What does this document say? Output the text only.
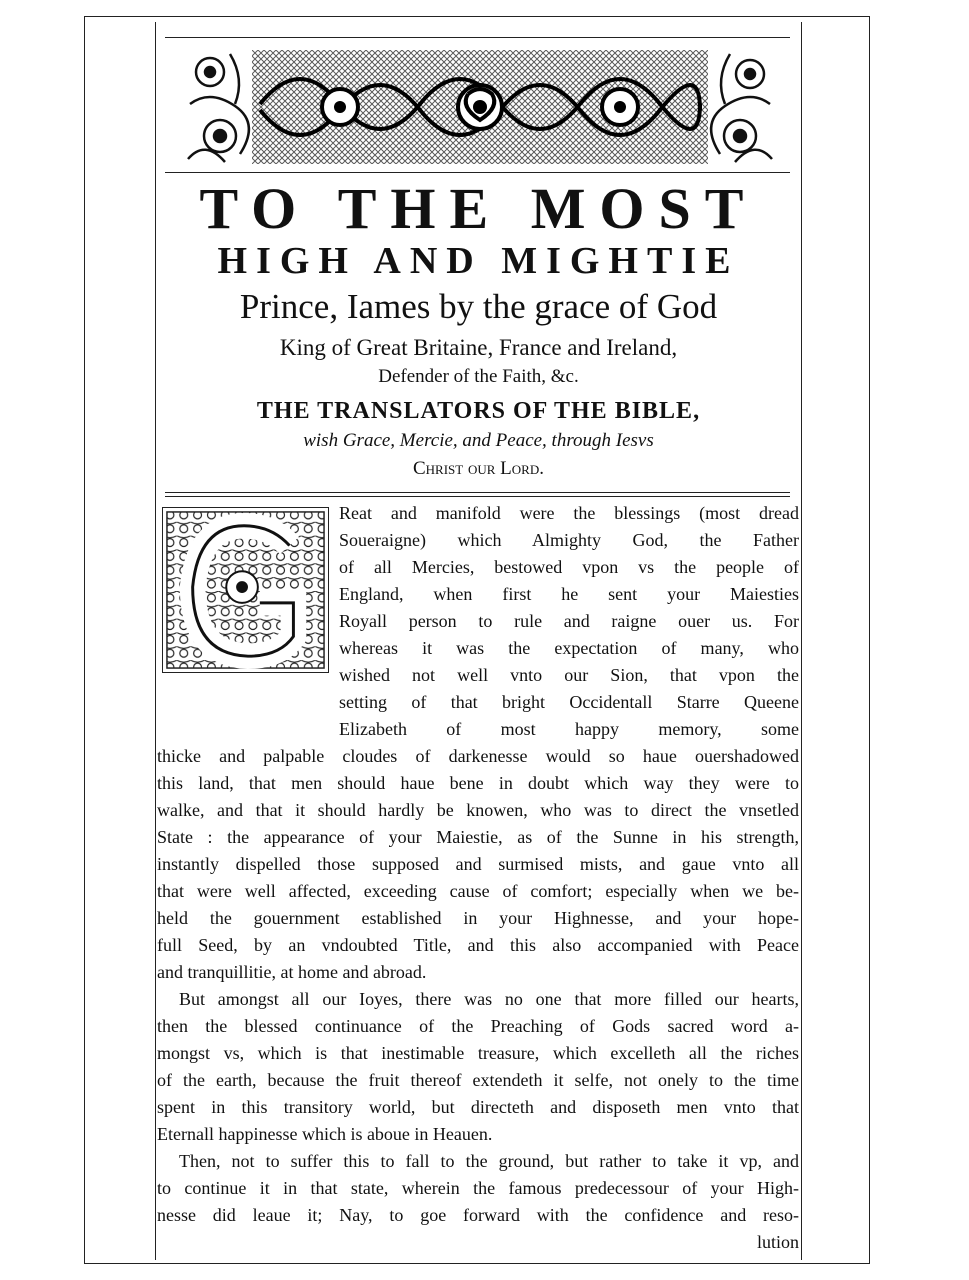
TO THE MOST
HIGH AND MIGHTIE
Prince, Iames by the grace of God
King of Great Britaine, France and Ireland,
Defender of the Faith, &c.
THE TRANSLATORS OF THE BIBLE,
wish Grace, Mercie, and Peace, through Iesvs
Christ our Lord.
Reat and manifold were the blessings (most dread
Soueraigne) which Almighty God, the Father
of all Mercies, bestowed vpon vs the people of
England, when first he sent your Maiesties
Royall person to rule and raigne ouer us. For
whereas it was the expectation of many, who
wished not well vnto our Sion, that vpon the
setting of that bright Occidentall Starre Queene
Elizabeth of most happy memory, some
thicke and palpable cloudes of darkenesse would so haue ouershadowed
this land, that men should haue bene in doubt which way they were to
walke, and that it should hardly be knowen, who was to direct the vnsetled
State : the appearance of your Maiestie, as of the Sunne in his strength,
instantly dispelled those supposed and surmised mists, and gaue vnto all
that were well affected, exceeding cause of comfort; especially when we be-
held the gouernment established in your Highnesse, and your hope-
full Seed, by an vndoubted Title, and this also accompanied with Peace
and tranquillitie, at home and abroad.
But amongst all our Ioyes, there was no one that more filled our hearts,
then the blessed continuance of the Preaching of Gods sacred word a-
mongst vs, which is that inestimable treasure, which excelleth all the riches
of the earth, because the fruit thereof extendeth it selfe, not onely to the time
spent in this transitory world, but directeth and disposeth men vnto that
Eternall happinesse which is aboue in Heauen.
Then, not to suffer this to fall to the ground, but rather to take it vp, and
to continue it in that state, wherein the famous predecessour of your High-
nesse did leaue it; Nay, to goe forward with the confidence and reso-
lution
